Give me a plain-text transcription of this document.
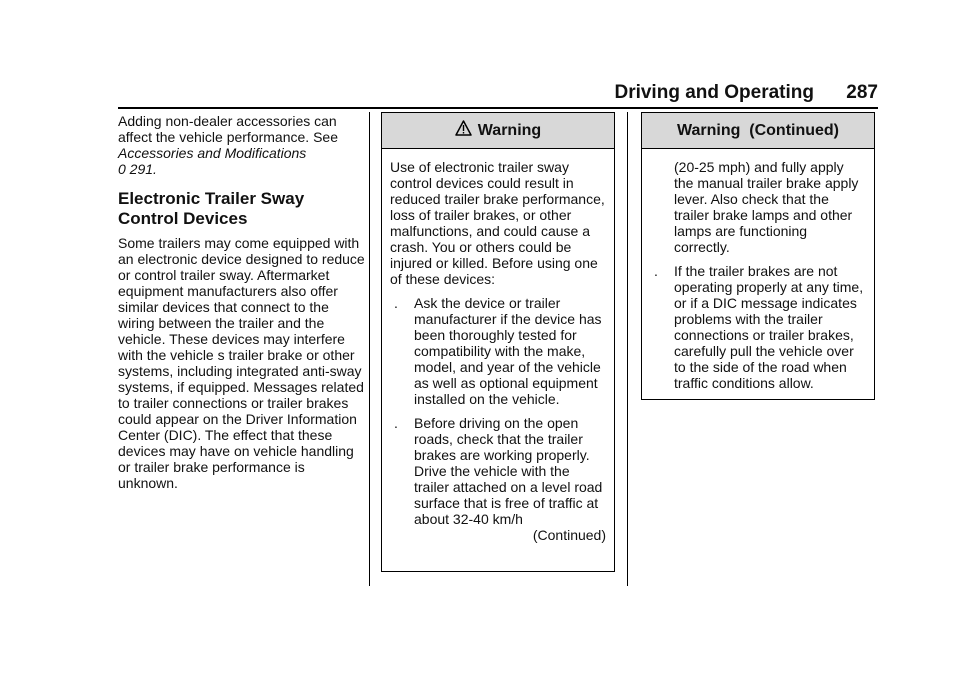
Driving and Operating 287

Adding non-dealer accessories can affect the vehicle performance. See
Accessories and Modifications
0 291.

Electronic Trailer Sway Control Devices

Some trailers may come equipped with an electronic device designed to reduce or control trailer sway. Aftermarket equipment manufacturers also offer similar devices that connect to the wiring between the trailer and the vehicle. These devices may interfere with the vehicle s trailer brake or other systems, including integrated anti-sway systems, if equipped. Messages related to trailer connections or trailer brakes could appear on the Driver Information Center (DIC). The effect that these devices may have on vehicle handling or trailer brake performance is unknown.

Warning

Use of electronic trailer sway control devices could result in reduced trailer brake performance, loss of trailer brakes, or other malfunctions, and could cause a crash. You or others could be injured or killed. Before using one of these devices:

.	Ask the device or trailer manufacturer if the device has been thoroughly tested for compatibility with the make, model, and year of the vehicle as well as optional equipment installed on the vehicle.
.	Before driving on the open roads, check that the trailer brakes are working properly. Drive the vehicle with the trailer attached on a level road surface that is free of traffic at about 32-40 km/h

(Continued)

Warning  (Continued)
(20-25 mph) and fully apply the manual trailer brake apply lever. Also check that the trailer brake lamps and other lamps are functioning correctly.
.	If the trailer brakes are not operating properly at any time, or if a DIC message indicates problems with the trailer connections or trailer brakes, carefully pull the vehicle over to the side of the road when traffic conditions allow.
